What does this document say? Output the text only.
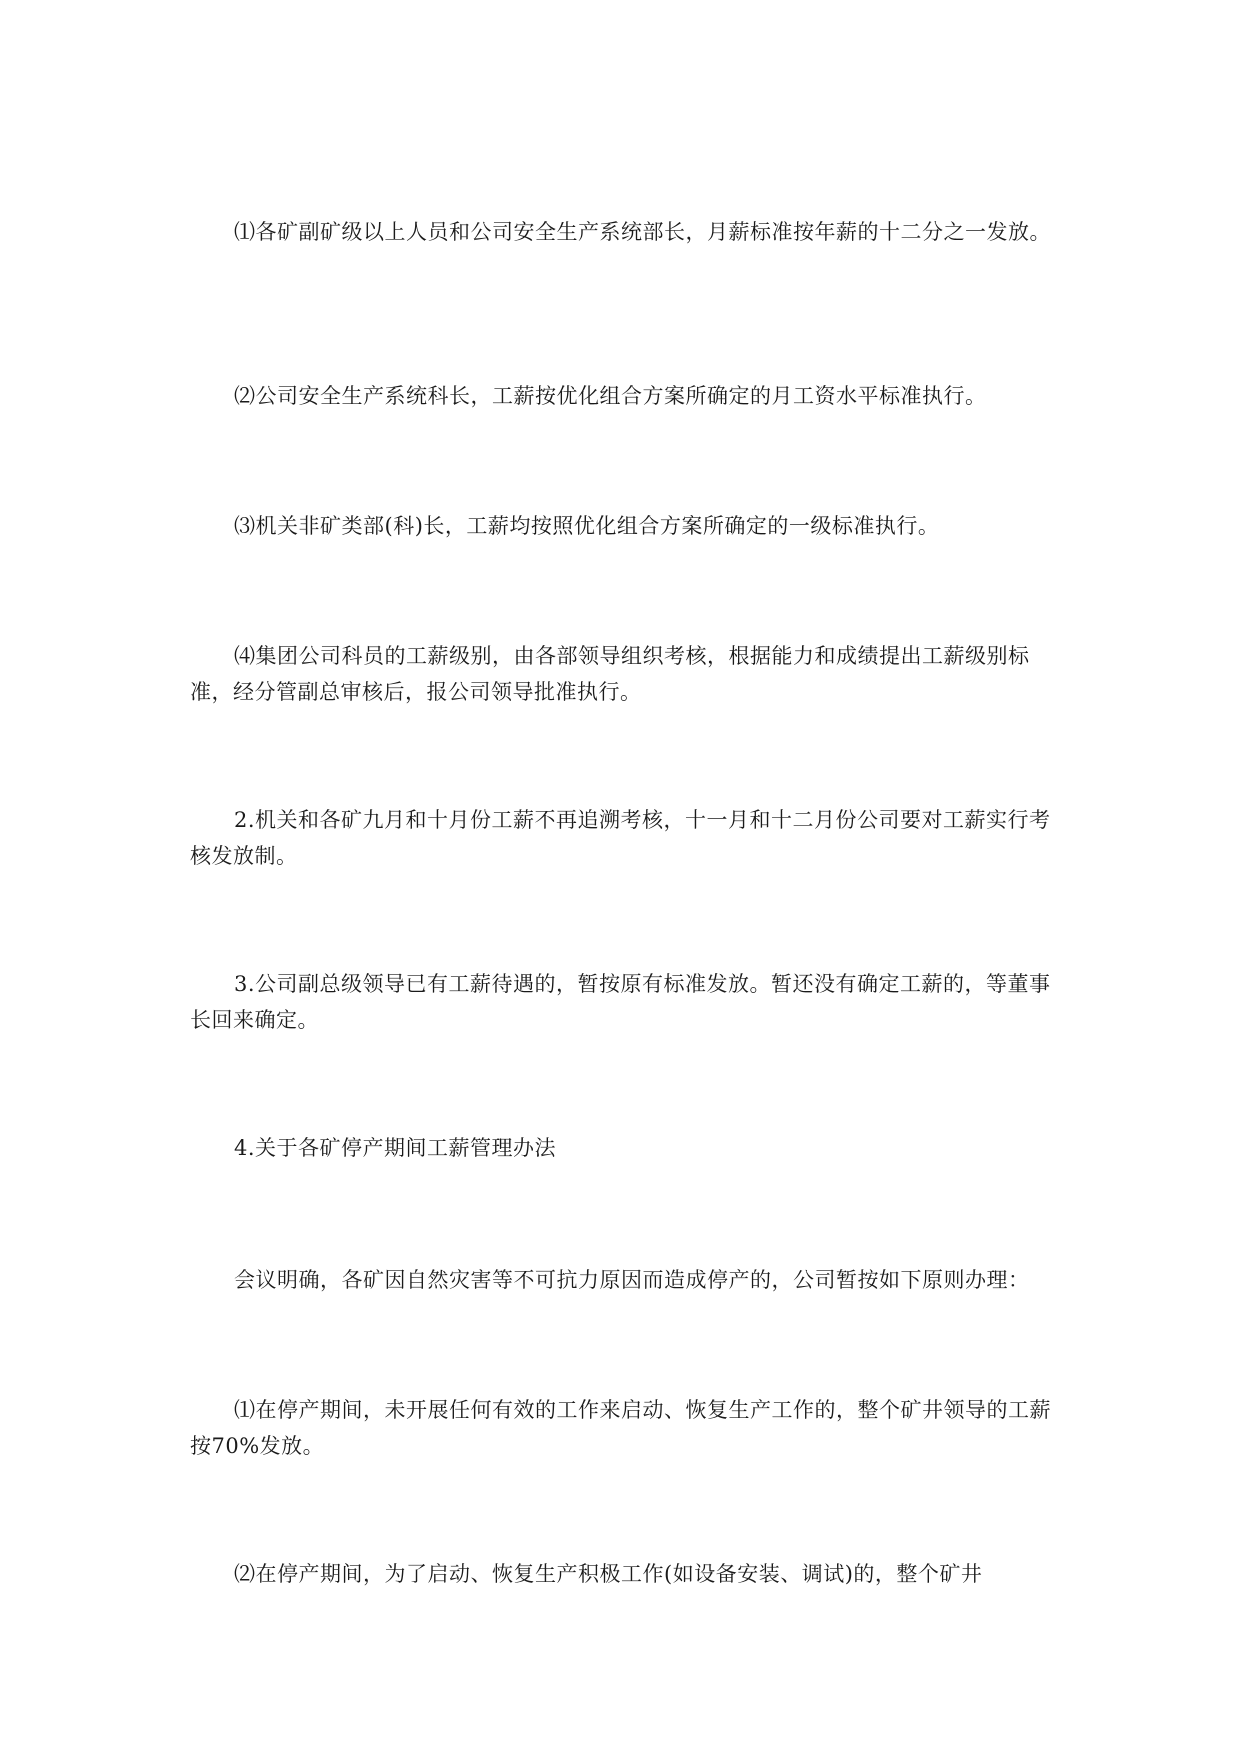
⑴各矿副矿级以上人员和公司安全生产系统部长，月薪标准按年薪的十二分之一发放。

⑵公司安全生产系统科长，工薪按优化组合方案所确定的月工资水平标准执行。

⑶机关非矿类部(科)长，工薪均按照优化组合方案所确定的一级标准执行。

⑷集团公司科员的工薪级别，由各部领导组织考核，根据能力和成绩提出工薪级别标准，经分管副总审核后，报公司领导批准执行。

2.机关和各矿九月和十月份工薪不再追溯考核，十一月和十二月份公司要对工薪实行考核发放制。

3.公司副总级领导已有工薪待遇的，暂按原有标准发放。暂还没有确定工薪的，等董事长回来确定。

4.关于各矿停产期间工薪管理办法

会议明确，各矿因自然灾害等不可抗力原因而造成停产的，公司暂按如下原则办理：

⑴在停产期间，未开展任何有效的工作来启动、恢复生产工作的，整个矿井领导的工薪按70%发放。

⑵在停产期间，为了启动、恢复生产积极工作(如设备安装、调试)的，整个矿井
